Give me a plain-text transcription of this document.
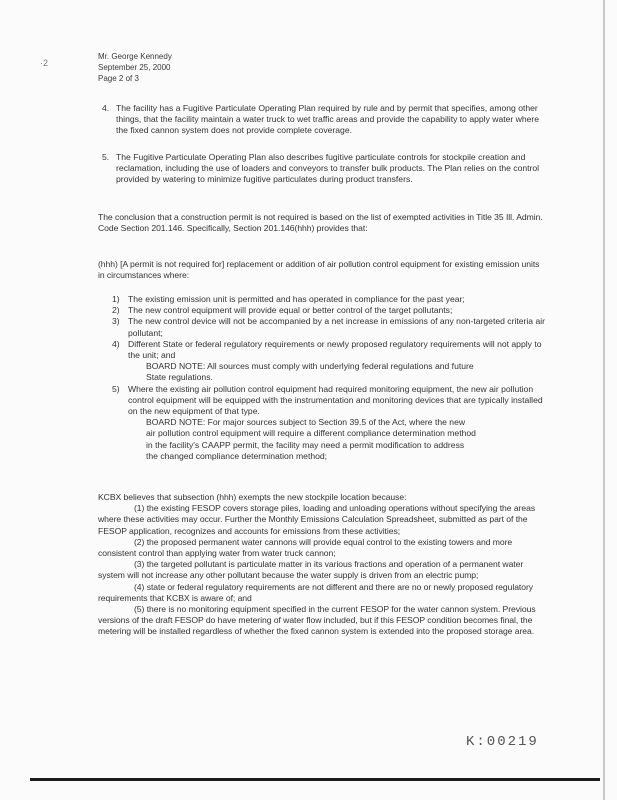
·2
Mr. George Kennedy
September 25, 2000
Page 2 of 3
4. The facility has a Fugitive Particulate Operating Plan required by rule and by permit that specifies, among other things, that the facility maintain a water truck to wet traffic areas and provide the capability to apply water where the fixed cannon system does not provide complete coverage.

5. The Fugitive Particulate Operating Plan also describes fugitive particulate controls for stockpile creation and reclamation, including the use of loaders and conveyors to transfer bulk products. The Plan relies on the control provided by watering to minimize fugitive particulates during product transfers.

The conclusion that a construction permit is not required is based on the list of exempted activities in Title 35 Ill. Admin. Code Section 201.146. Specifically, Section 201.146(hhh) provides that:

(hhh) [A permit is not required for] replacement or addition of air pollution control equipment for existing emission units in circumstances where:

1) The existing emission unit is permitted and has operated in compliance for the past year;
2) The new control equipment will provide equal or better control of the target pollutants;
3) The new control device will not be accompanied by a net increase in emissions of any non-targeted criteria air pollutant;
4) Different State or federal regulatory requirements or newly proposed regulatory requirements will not apply to the unit; and
BOARD NOTE: All sources must comply with underlying federal regulations and future State regulations.
5) Where the existing air pollution control equipment had required monitoring equipment, the new air pollution control equipment will be equipped with the instrumentation and monitoring devices that are typically installed on the new equipment of that type.
BOARD NOTE: For major sources subject to Section 39.5 of the Act, where the new air pollution control equipment will require a different compliance determination method in the facility's CAAPP permit, the facility may need a permit modification to address the changed compliance determination method;

KCBX believes that subsection (hhh) exempts the new stockpile location because:

(1) the existing FESOP covers storage piles, loading and unloading operations without specifying the areas where these activities may occur. Further the Monthly Emissions Calculation Spreadsheet, submitted as part of the FESOP application, recognizes and accounts for emissions from these activities;

(2) the proposed permanent water cannons will provide equal control to the existing towers and more consistent control than applying water from water truck cannon;

(3) the targeted pollutant is particulate matter in its various fractions and operation of a permanent water system will not increase any other pollutant because the water supply is driven from an electric pump;

(4) state or federal regulatory requirements are not different and there are no or newly proposed regulatory requirements that KCBX is aware of; and

(5) there is no monitoring equipment specified in the current FESOP for the water cannon system. Previous versions of the draft FESOP do have metering of water flow included, but if this FESOP condition becomes final, the metering will be installed regardless of whether the fixed cannon system is extended into the proposed storage area.

K:00219
